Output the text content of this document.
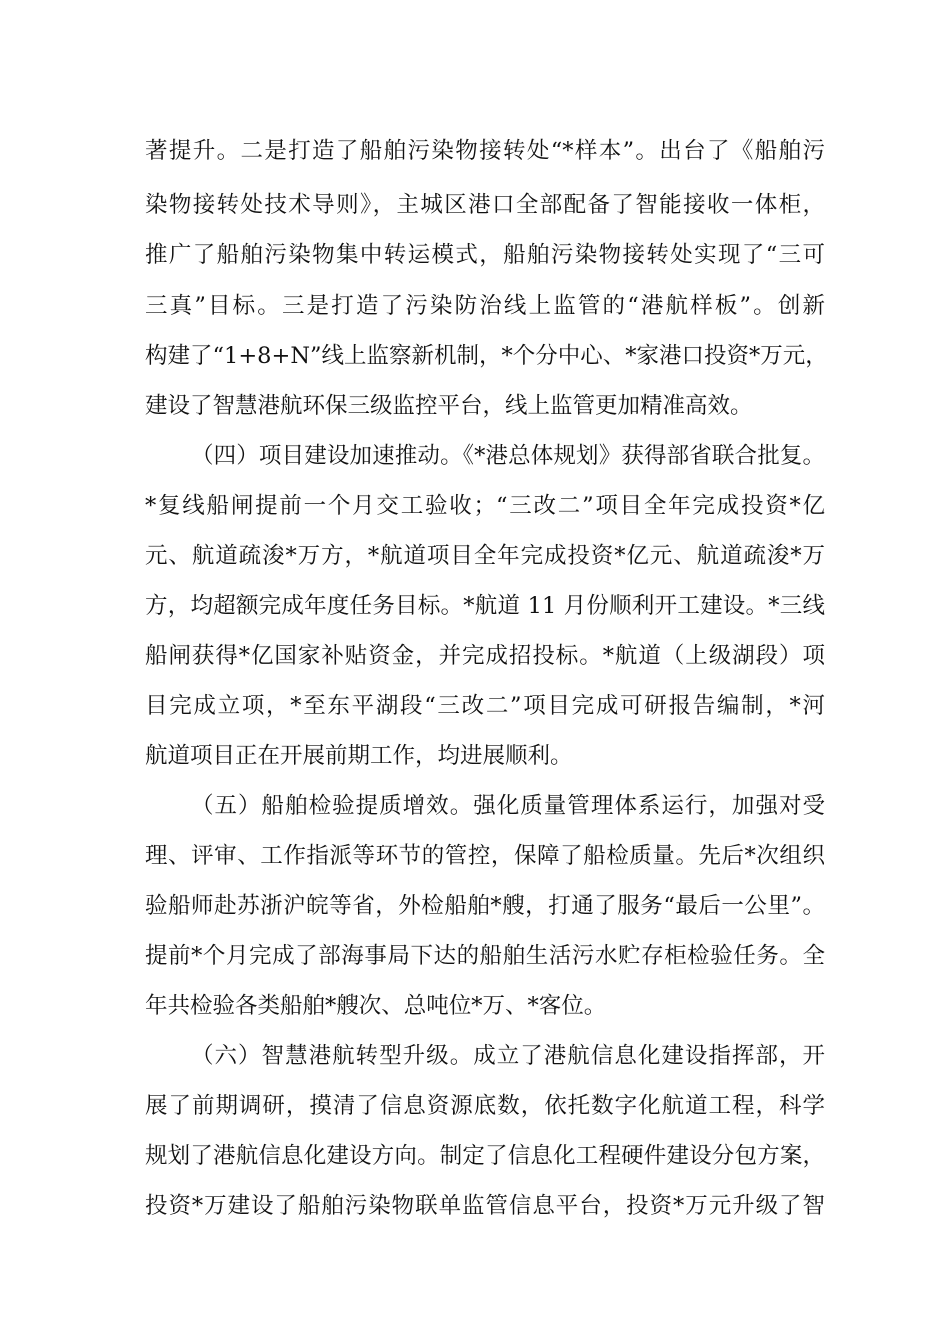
著提升。二是打造了船舶污染物接转处“*样本”。出台了《船舶污
染物接转处技术导则》，主城区港口全部配备了智能接收一体柜，
推广了船舶污染物集中转运模式，船舶污染物接转处实现了“三可
三真”目标。三是打造了污染防治线上监管的“港航样板”。创新
构建了“1+8+N”线上监察新机制，*个分中心、*家港口投资*万元，
建设了智慧港航环保三级监控平台，线上监管更加精准高效。
（四）项目建设加速推动。《*港总体规划》获得部省联合批复。
*复线船闸提前一个月交工验收；“三改二”项目全年完成投资*亿
元、航道疏浚*万方，*航道项目全年完成投资*亿元、航道疏浚*万
方，均超额完成年度任务目标。*航道 11 月份顺利开工建设。*三线
船闸获得*亿国家补贴资金，并完成招投标。*航道（上级湖段）项
目完成立项，*至东平湖段“三改二”项目完成可研报告编制，*河
航道项目正在开展前期工作，均进展顺利。
（五）船舶检验提质增效。强化质量管理体系运行，加强对受
理、评审、工作指派等环节的管控，保障了船检质量。先后*次组织
验船师赴苏浙沪皖等省，外检船舶*艘，打通了服务“最后一公里”。
提前*个月完成了部海事局下达的船舶生活污水贮存柜检验任务。全
年共检验各类船舶*艘次、总吨位*万、*客位。
（六）智慧港航转型升级。成立了港航信息化建设指挥部，开
展了前期调研，摸清了信息资源底数，依托数字化航道工程，科学
规划了港航信息化建设方向。制定了信息化工程硬件建设分包方案，
投资*万建设了船舶污染物联单监管信息平台，投资*万元升级了智
